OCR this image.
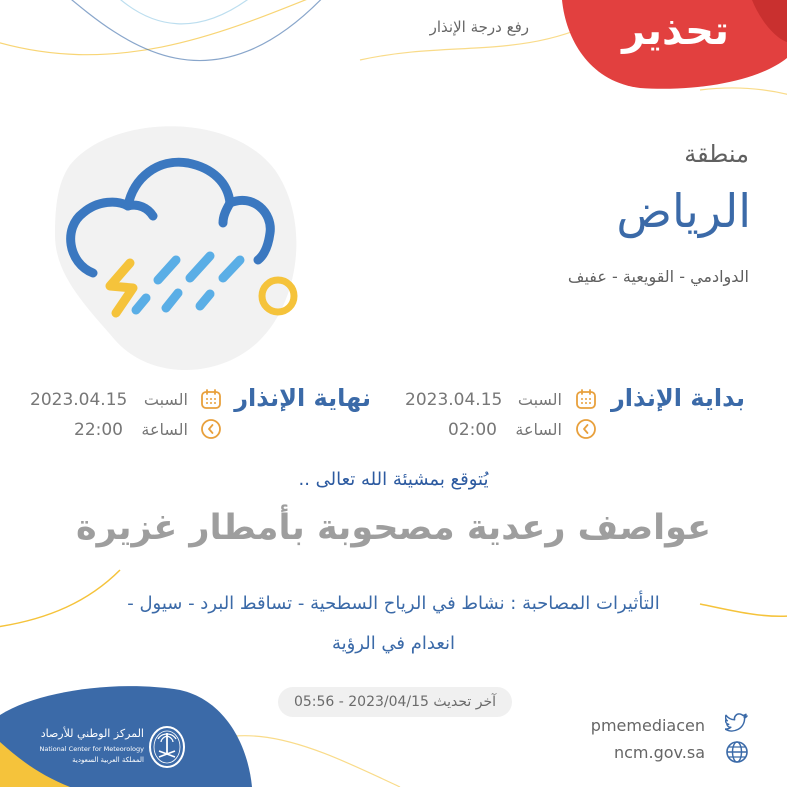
تحذير
رفع درجة الإنذار
منطقة
الرياض
الدوادمي - القويعية - عفيف
بداية الإنذار
السبت
2023.04.15
الساعة
02:00
نهاية الإنذار
السبت
2023.04.15
الساعة
22:00
يُتوقع بمشيئة الله تعالى ..
عواصف رعدية مصحوبة بأمطار غزيرة
التأثيرات المصاحبة : نشاط في الرياح السطحية - تساقط البرد - سيول -
انعدام في الرؤية
آخر تحديث 2023/04/15 - 05:56
pmemediacen
ncm.gov.sa
المركز الوطني للأرصاد
National Center for Meteorology
المملكة العربية السعودية
